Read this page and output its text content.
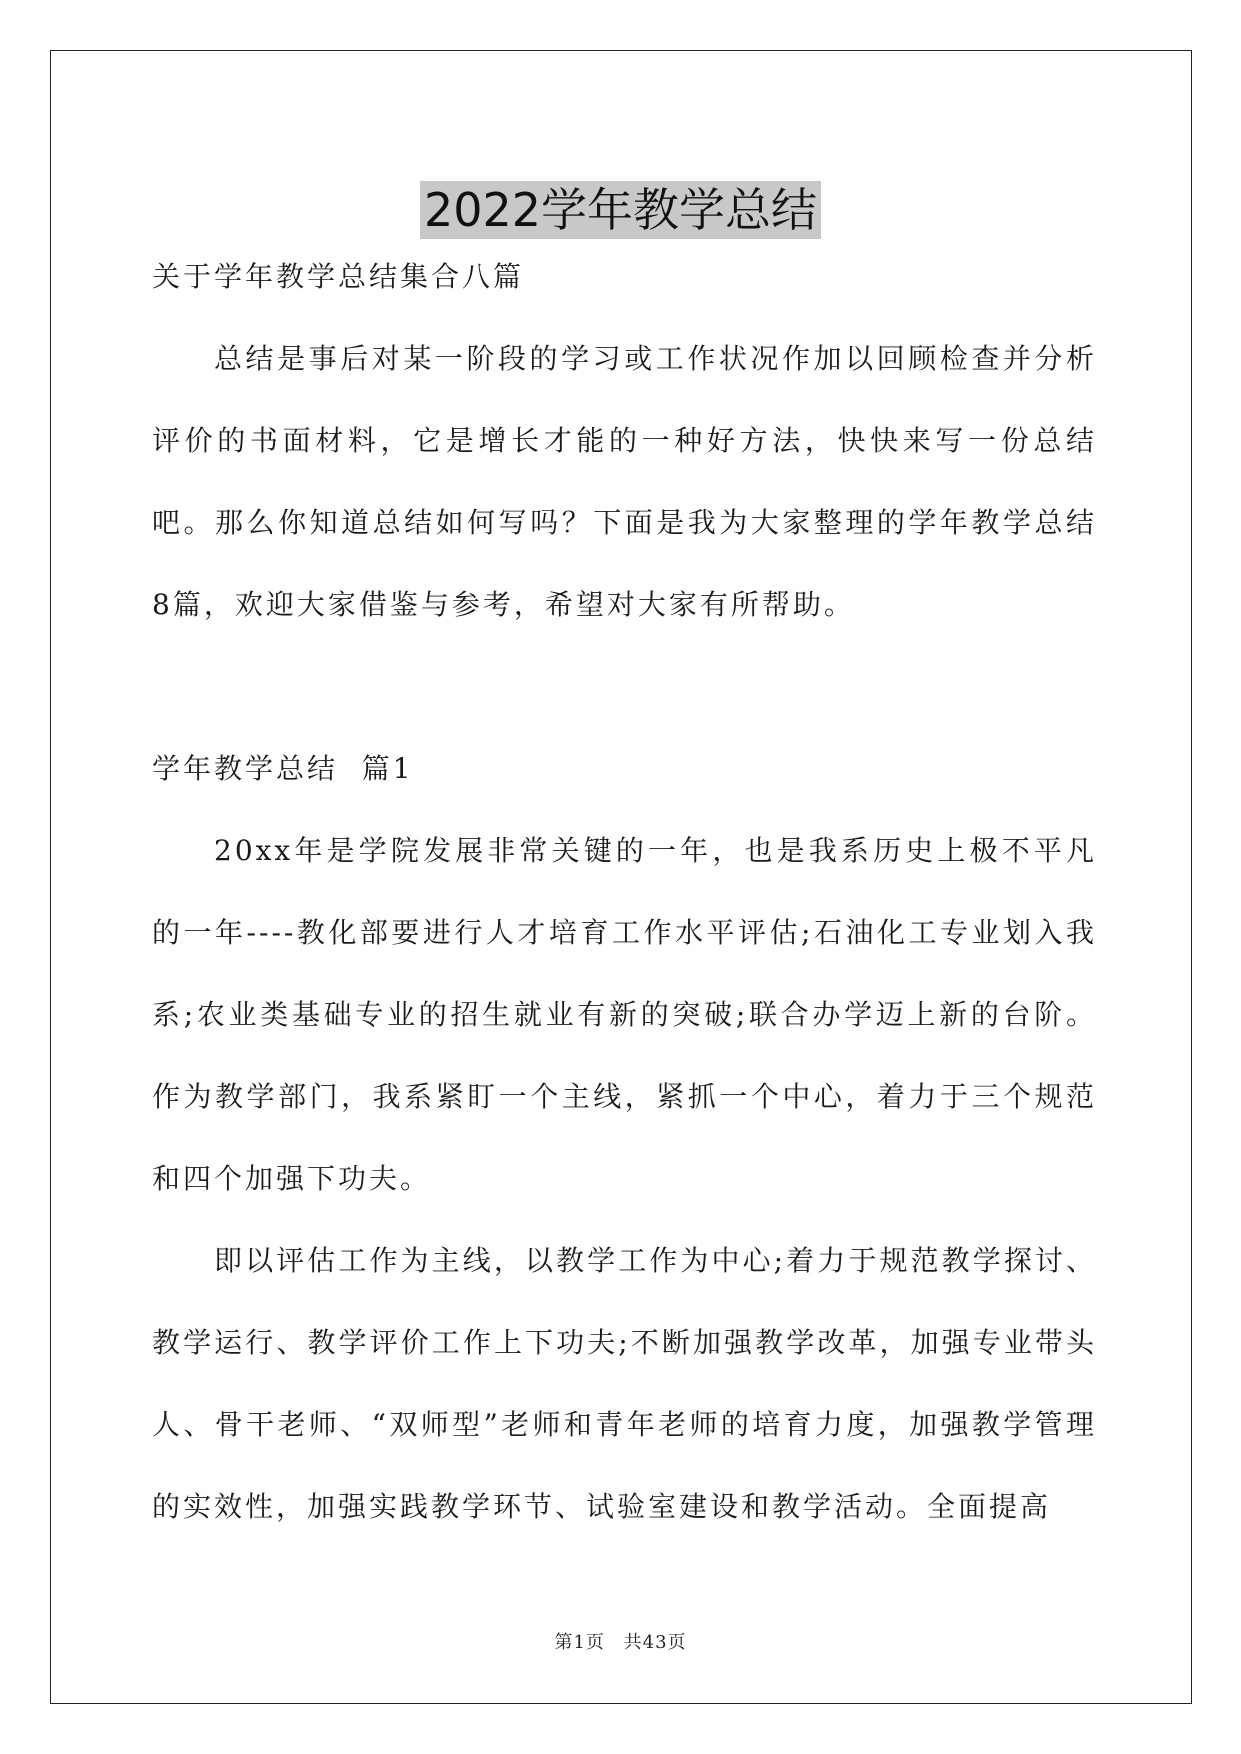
2022学年教学总结

关于学年教学总结集合八篇

总结是事后对某一阶段的学习或工作状况作加以回顾检查并分析评价的书面材料，它是增长才能的一种好方法，快快来写一份总结吧。那么你知道总结如何写吗？下面是我为大家整理的学年教学总结8篇，欢迎大家借鉴与参考，希望对大家有所帮助。

学年教学总结  篇1

20xx年是学院发展非常关键的一年，也是我系历史上极不平凡的一年----教化部要进行人才培育工作水平评估;石油化工专业划入我系;农业类基础专业的招生就业有新的突破;联合办学迈上新的台阶。作为教学部门，我系紧盯一个主线，紧抓一个中心，着力于三个规范和四个加强下功夫。

即以评估工作为主线，以教学工作为中心;着力于规范教学探讨、教学运行、教学评价工作上下功夫;不断加强教学改革，加强专业带头人、骨干老师、“双师型”老师和青年老师的培育力度，加强教学管理的实效性，加强实践教学环节、试验室建设和教学活动。全面提高

第1页 共43页
